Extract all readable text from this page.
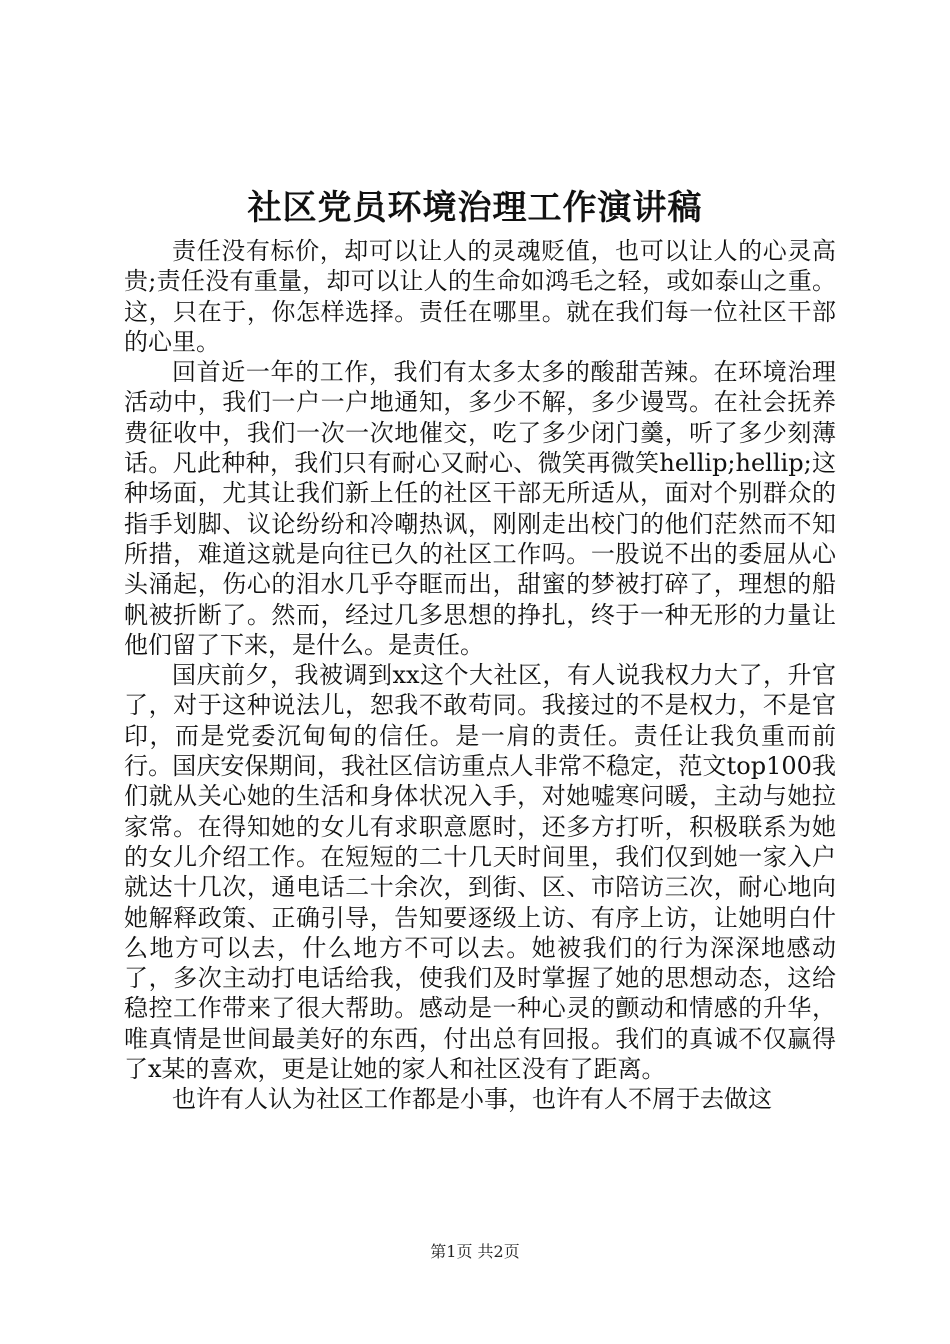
社区党员环境治理工作演讲稿

责任没有标价，却可以让人的灵魂贬值，也可以让人的心灵高贵;责任没有重量，却可以让人的生命如鸿毛之轻，或如泰山之重。这，只在于，你怎样选择。责任在哪里。就在我们每一位社区干部的心里。

回首近一年的工作，我们有太多太多的酸甜苦辣。在环境治理活动中，我们一户一户地通知，多少不解，多少谩骂。在社会抚养费征收中，我们一次一次地催交，吃了多少闭门羹，听了多少刻薄话。凡此种种，我们只有耐心又耐心、微笑再微笑hellip;hellip;这种场面，尤其让我们新上任的社区干部无所适从，面对个别群众的指手划脚、议论纷纷和冷嘲热讽，刚刚走出校门的他们茫然而不知所措，难道这就是向往已久的社区工作吗。一股说不出的委屈从心头涌起，伤心的泪水几乎夺眶而出，甜蜜的梦被打碎了，理想的船帆被折断了。然而，经过几多思想的挣扎，终于一种无形的力量让他们留了下来，是什么。是责任。

国庆前夕，我被调到xx这个大社区，有人说我权力大了，升官了，对于这种说法儿，恕我不敢苟同。我接过的不是权力，不是官印，而是党委沉甸甸的信任。是一肩的责任。责任让我负重而前行。国庆安保期间，我社区信访重点人非常不稳定，范文top100我们就从关心她的生活和身体状况入手，对她嘘寒问暖，主动与她拉家常。在得知她的女儿有求职意愿时，还多方打听，积极联系为她的女儿介绍工作。在短短的二十几天时间里，我们仅到她一家入户就达十几次，通电话二十余次，到街、区、市陪访三次，耐心地向她解释政策、正确引导，告知要逐级上访、有序上访，让她明白什么地方可以去，什么地方不可以去。她被我们的行为深深地感动了，多次主动打电话给我，使我们及时掌握了她的思想动态，这给稳控工作带来了很大帮助。感动是一种心灵的颤动和情感的升华，唯真情是世间最美好的东西，付出总有回报。我们的真诚不仅赢得了x某的喜欢，更是让她的家人和社区没有了距离。

也许有人认为社区工作都是小事，也许有人不屑于去做这

第1页 共2页
